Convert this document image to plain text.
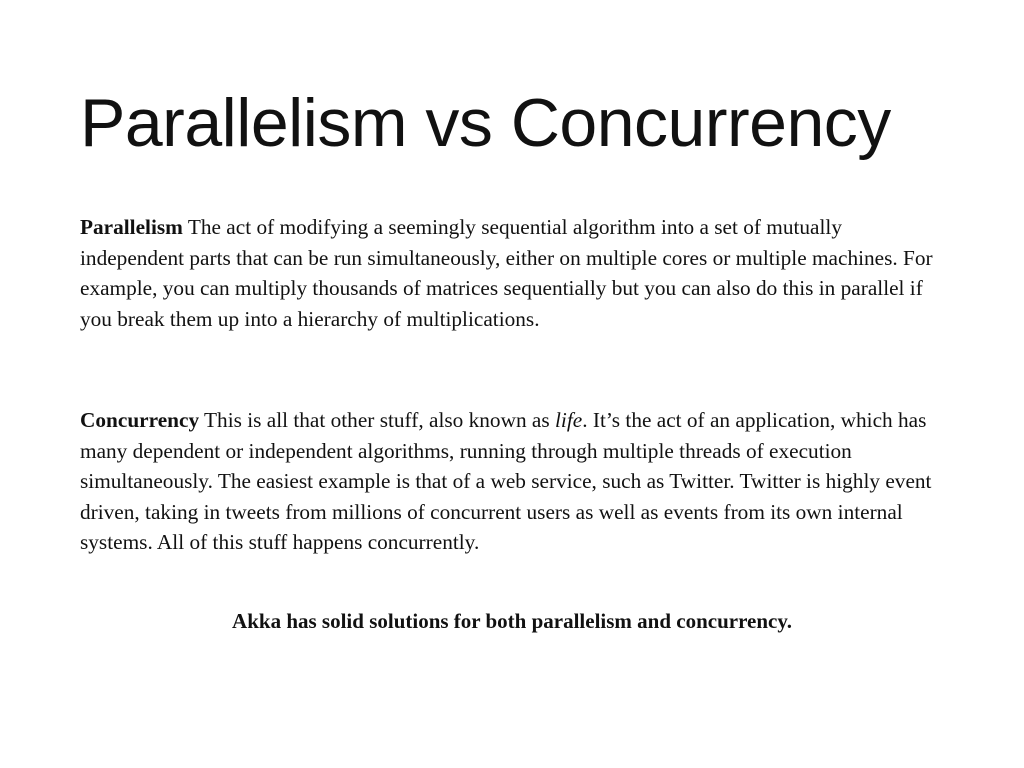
Parallelism vs Concurrency

Parallelism The act of modifying a seemingly sequential algorithm into a set of mutually independent parts that can be run simultaneously, either on multiple cores or multiple machines. For example, you can multiply thousands of matrices sequentially but you can also do this in parallel if you break them up into a hierarchy of multiplications.

Concurrency This is all that other stuff, also known as life. It’s the act of an application, which has many dependent or independent algorithms, running through multiple threads of execution simultaneously. The easiest example is that of a web service, such as Twitter. Twitter is highly event driven, taking in tweets from millions of concurrent users as well as events from its own internal systems. All of this stuff happens concurrently.

Akka has solid solutions for both parallelism and concurrency.
